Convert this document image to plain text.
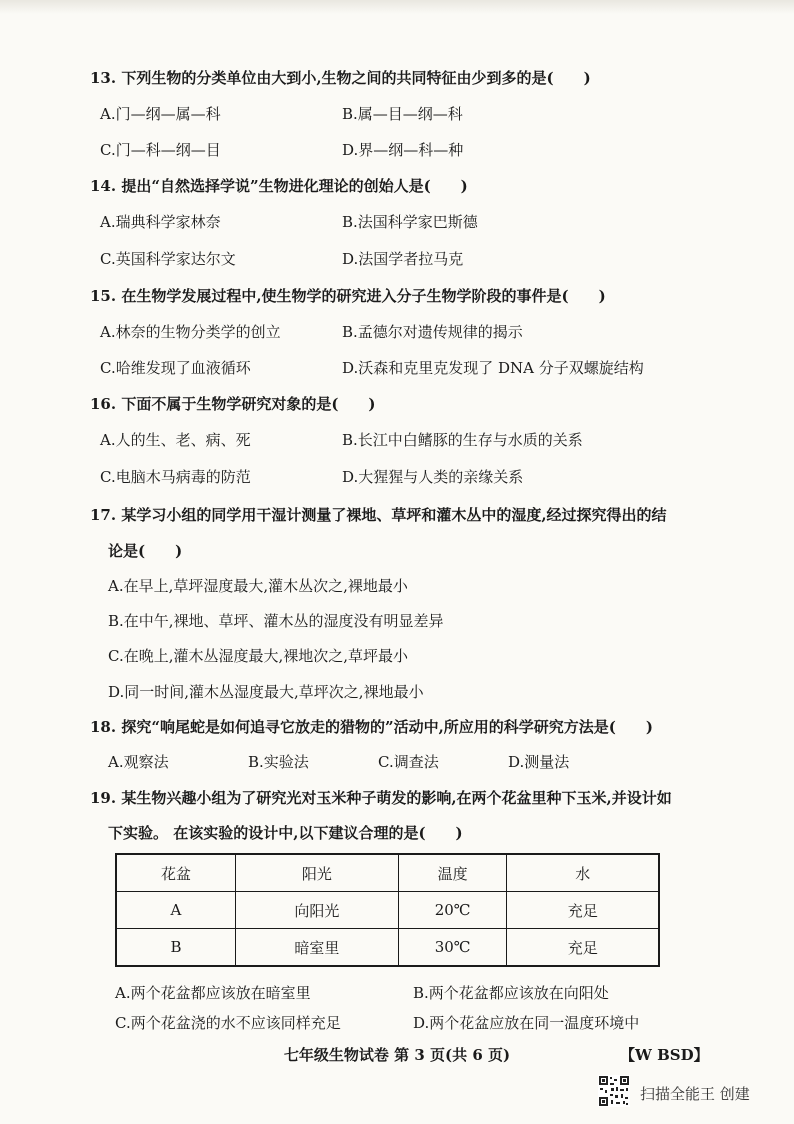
13. 下列生物的分类单位由大到小,生物之间的共同特征由少到多的是(　　)
A.门—纲—属—科	B.属—目—纲—科
C.门—科—纲—目	D.界—纲—科—种
14. 提出“自然选择学说”生物进化理论的创始人是(　　)
A.瑞典科学家林奈	B.法国科学家巴斯德
C.英国科学家达尔文	D.法国学者拉马克
15. 在生物学发展过程中,使生物学的研究进入分子生物学阶段的事件是(　　)
A.林奈的生物分类学的创立	B.孟德尔对遗传规律的揭示
C.哈维发现了血液循环	D.沃森和克里克发现了 DNA 分子双螺旋结构
16. 下面不属于生物学研究对象的是(　　)
A.人的生、老、病、死	B.长江中白鳍豚的生存与水质的关系
C.电脑木马病毒的防范	D.大猩猩与人类的亲缘关系
17. 某学习小组的同学用干湿计测量了裸地、草坪和灌木丛中的湿度,经过探究得出的结
论是(　　)
A.在早上,草坪湿度最大,灌木丛次之,裸地最小
B.在中午,裸地、草坪、灌木丛的湿度没有明显差异
C.在晚上,灌木丛湿度最大,裸地次之,草坪最小
D.同一时间,灌木丛湿度最大,草坪次之,裸地最小
18. 探究“响尾蛇是如何追寻它放走的猎物的”活动中,所应用的科学研究方法是(　　)
A.观察法	B.实验法	C.调查法	D.测量法
19. 某生物兴趣小组为了研究光对玉米种子萌发的影响,在两个花盆里种下玉米,并设计如
下实验。 在该实验的设计中,以下建议合理的是(　　)
花盆	阳光	温度	水
A	向阳光	20℃	充足
B	暗室里	30℃	充足
A.两个花盆都应该放在暗室里	B.两个花盆都应该放在向阳处
C.两个花盆浇的水不应该同样充足	D.两个花盆应放在同一温度环境中
七年级生物试卷 第 3 页(共 6 页)	【W BSD】
扫描全能王 创建
